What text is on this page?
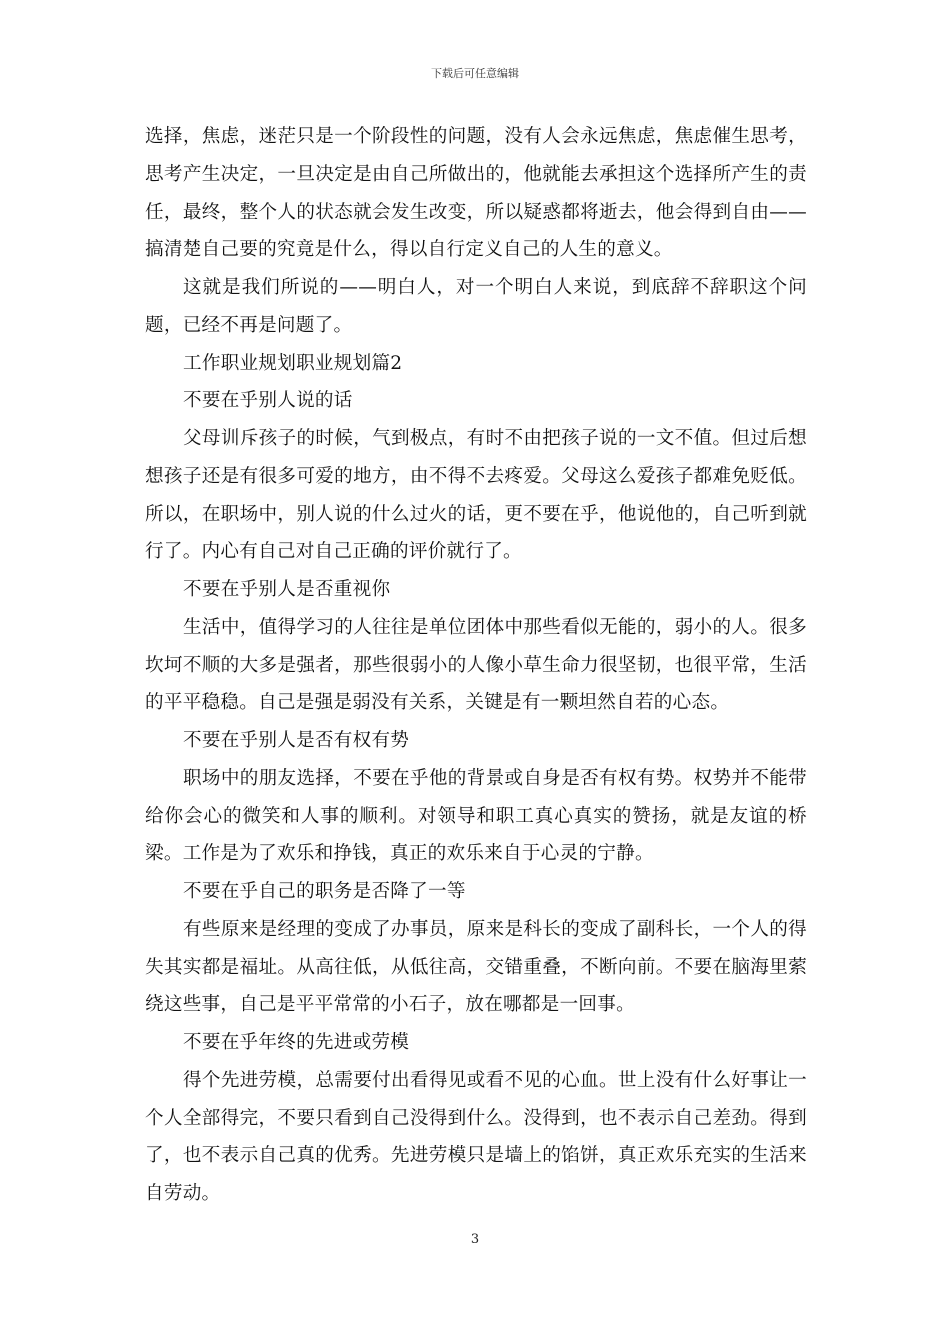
下载后可任意编辑

选择，焦虑，迷茫只是一个阶段性的问题，没有人会永远焦虑，焦虑催生思考，思考产生决定，一旦决定是由自己所做出的，他就能去承担这个选择所产生的责任，最终，整个人的状态就会发生改变，所以疑惑都将逝去，他会得到自由——搞清楚自己要的究竟是什么，得以自行定义自己的人生的意义。

这就是我们所说的——明白人，对一个明白人来说，到底辞不辞职这个问题，已经不再是问题了。

工作职业规划职业规划篇2

不要在乎别人说的话

父母训斥孩子的时候，气到极点，有时不由把孩子说的一文不值。但过后想想孩子还是有很多可爱的地方，由不得不去疼爱。父母这么爱孩子都难免贬低。所以，在职场中，别人说的什么过火的话，更不要在乎，他说他的，自己听到就行了。内心有自己对自己正确的评价就行了。

不要在乎别人是否重视你

生活中，值得学习的人往往是单位团体中那些看似无能的，弱小的人。很多坎坷不顺的大多是强者，那些很弱小的人像小草生命力很坚韧，也很平常，生活的平平稳稳。自己是强是弱没有关系，关键是有一颗坦然自若的心态。

不要在乎别人是否有权有势

职场中的朋友选择，不要在乎他的背景或自身是否有权有势。权势并不能带给你会心的微笑和人事的顺利。对领导和职工真心真实的赞扬，就是友谊的桥梁。工作是为了欢乐和挣钱，真正的欢乐来自于心灵的宁静。

不要在乎自己的职务是否降了一等

有些原来是经理的变成了办事员，原来是科长的变成了副科长，一个人的得失其实都是福址。从高往低，从低往高，交错重叠，不断向前。不要在脑海里萦绕这些事，自己是平平常常的小石子，放在哪都是一回事。

不要在乎年终的先进或劳模

得个先进劳模，总需要付出看得见或看不见的心血。世上没有什么好事让一个人全部得完，不要只看到自己没得到什么。没得到，也不表示自己差劲。得到了，也不表示自己真的优秀。先进劳模只是墙上的馅饼，真正欢乐充实的生活来自劳动。

3
